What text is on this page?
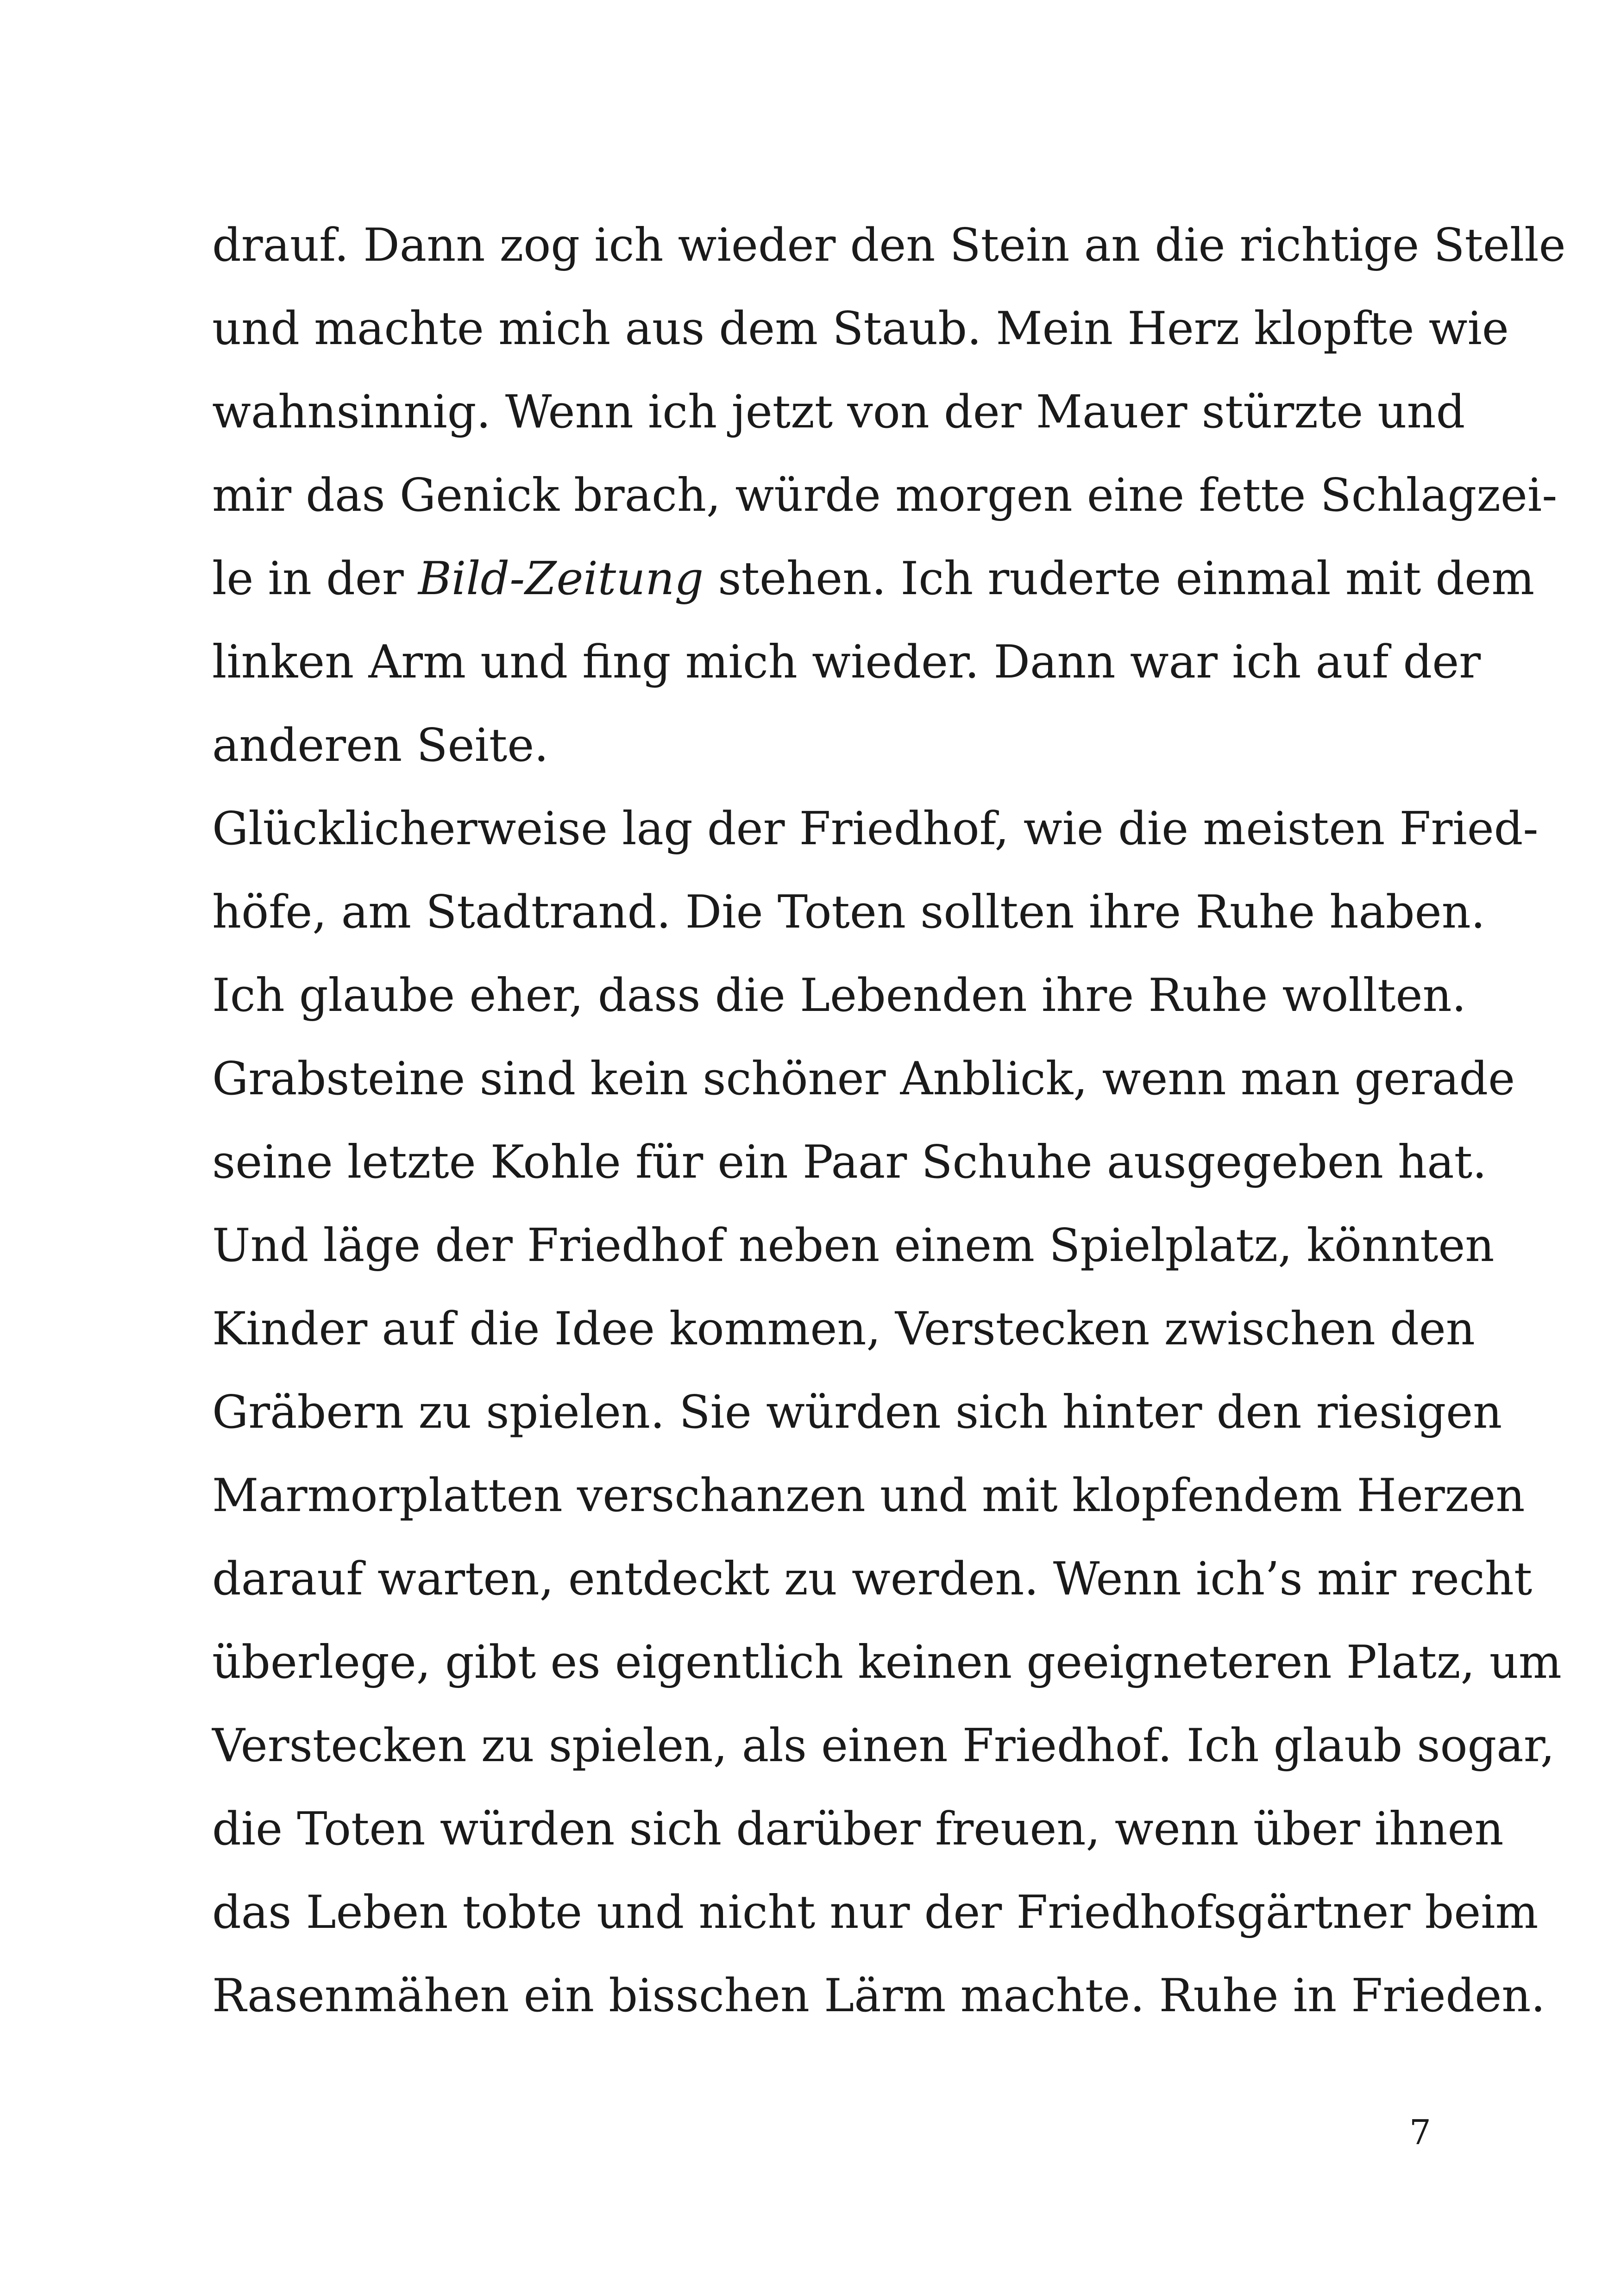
drauf. Dann zog ich wieder den Stein an die richtige Stelle
und machte mich aus dem Staub. Mein Herz klopfte wie
wahnsinnig. Wenn ich jetzt von der Mauer stürzte und
mir das Genick brach, würde morgen eine fette Schlagzei-
le in der Bild-Zeitung stehen. Ich ruderte einmal mit dem
linken Arm und fing mich wieder. Dann war ich auf der
anderen Seite.
Glücklicherweise lag der Friedhof, wie die meisten Fried-
höfe, am Stadtrand. Die Toten sollten ihre Ruhe haben.
Ich glaube eher, dass die Lebenden ihre Ruhe wollten.
Grabsteine sind kein schöner Anblick, wenn man gerade
seine letzte Kohle für ein Paar Schuhe ausgegeben hat.
Und läge der Friedhof neben einem Spielplatz, könnten
Kinder auf die Idee kommen, Verstecken zwischen den
Gräbern zu spielen. Sie würden sich hinter den riesigen
Marmorplatten verschanzen und mit klopfendem Herzen
darauf warten, entdeckt zu werden. Wenn ich’s mir recht
überlege, gibt es eigentlich keinen geeigneteren Platz, um
Verstecken zu spielen, als einen Friedhof. Ich glaub sogar,
die Toten würden sich darüber freuen, wenn über ihnen
das Leben tobte und nicht nur der Friedhofsgärtner beim
Rasenmähen ein bisschen Lärm machte. Ruhe in Frieden.
7
